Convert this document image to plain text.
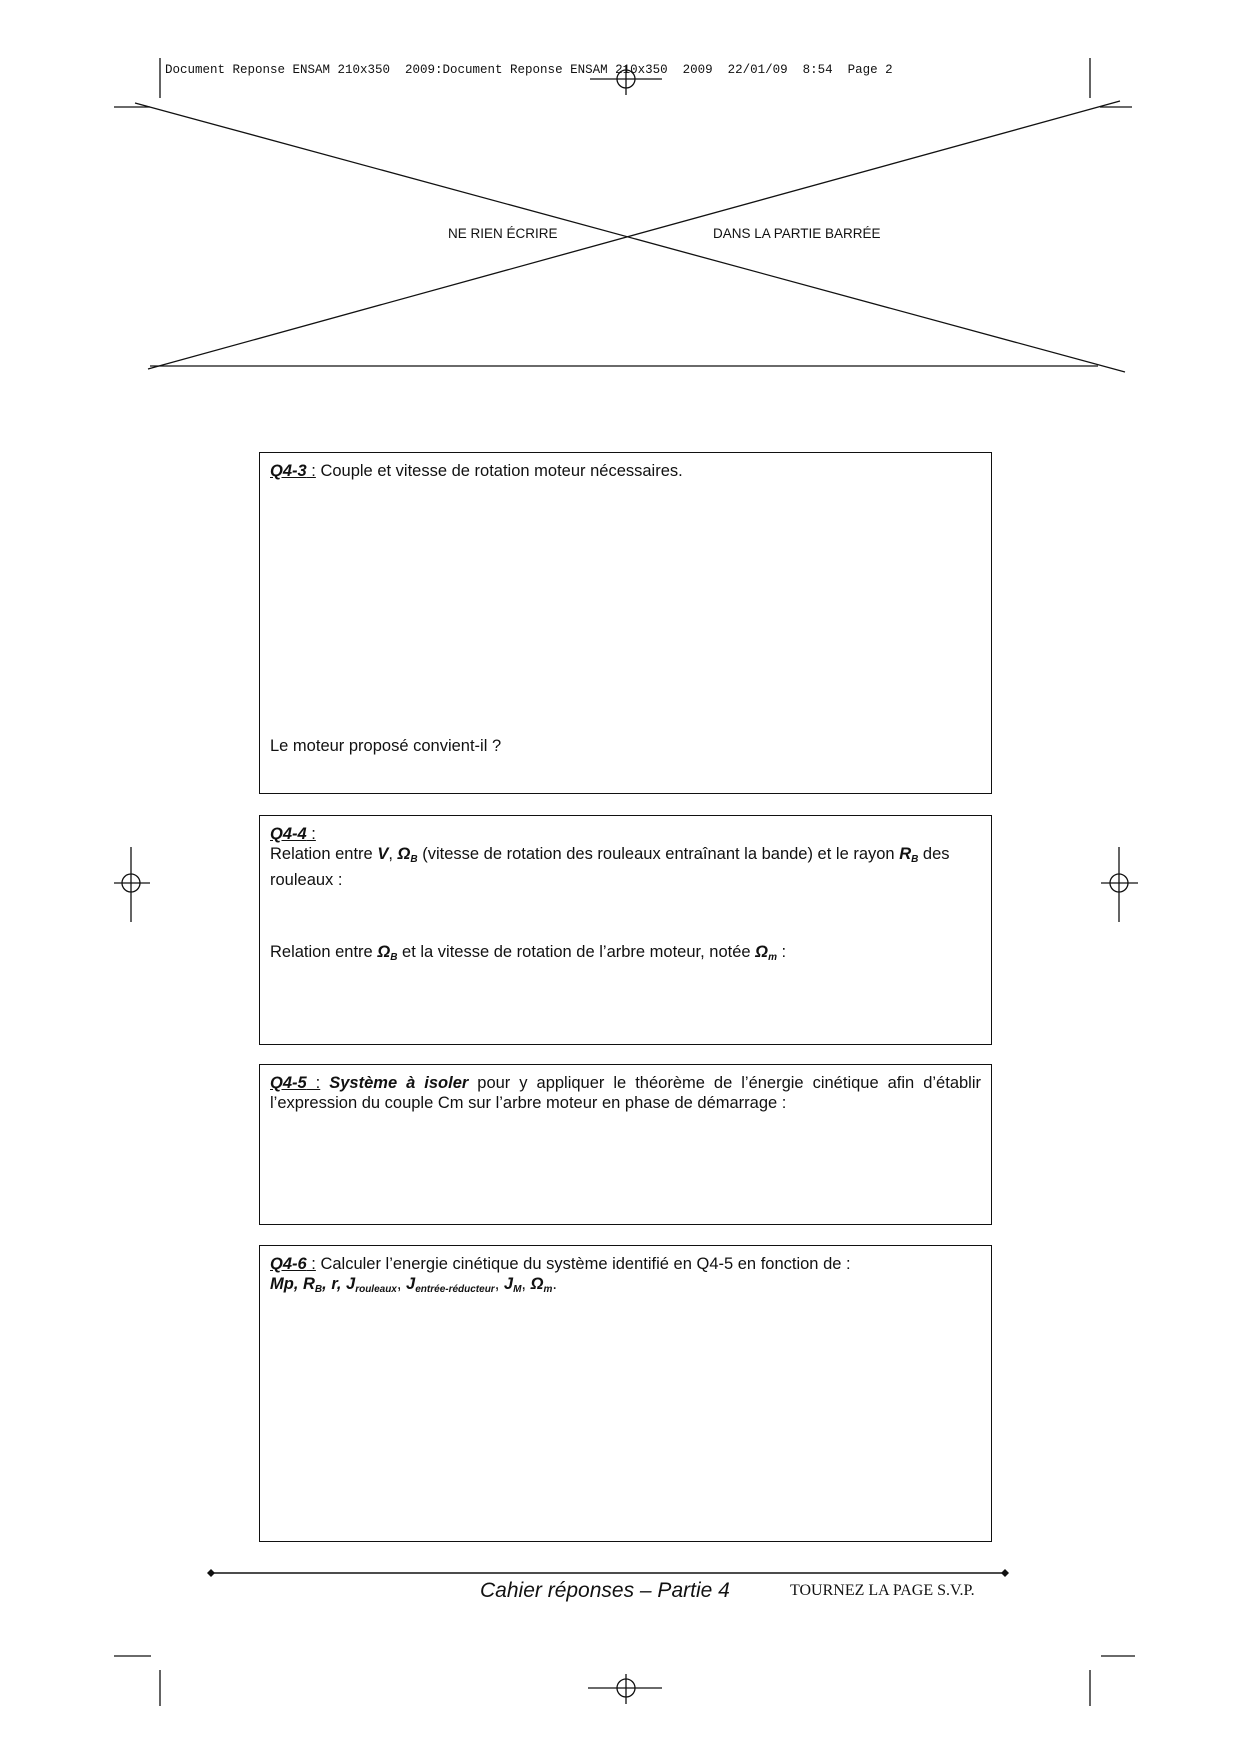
Document Reponse ENSAM 210x350  2009:Document Reponse ENSAM 210x350  2009  22/01/09  8:54  Page 2
NE RIEN ÉCRIRE	DANS LA PARTIE BARRÉE
Q4-3 : Couple et vitesse de rotation moteur nécessaires.
Le moteur proposé convient-il ?
Q4-4 :
Relation entre V, $\Omega_B$ (vitesse de rotation des rouleaux entraînant la bande) et le rayon $R_B$ des rouleaux :
Relation entre $\Omega_B$ et la vitesse de rotation de l’arbre moteur, notée $\Omega_m$ :
Q4-5 : Système à isoler pour y appliquer le théorème de l’énergie cinétique afin d’établir l’expression du couple Cm sur l’arbre moteur en phase de démarrage :
Q4-6 : Calculer l’energie cinétique du système identifié en Q4-5 en fonction de :
Mp, $R_B$, r, $J_{rouleaux}$, $J_{entrée-réducteur}$, $J_M$, $\Omega_m$.
Cahier réponses – Partie 4	TOURNEZ LA PAGE S.V.P.
